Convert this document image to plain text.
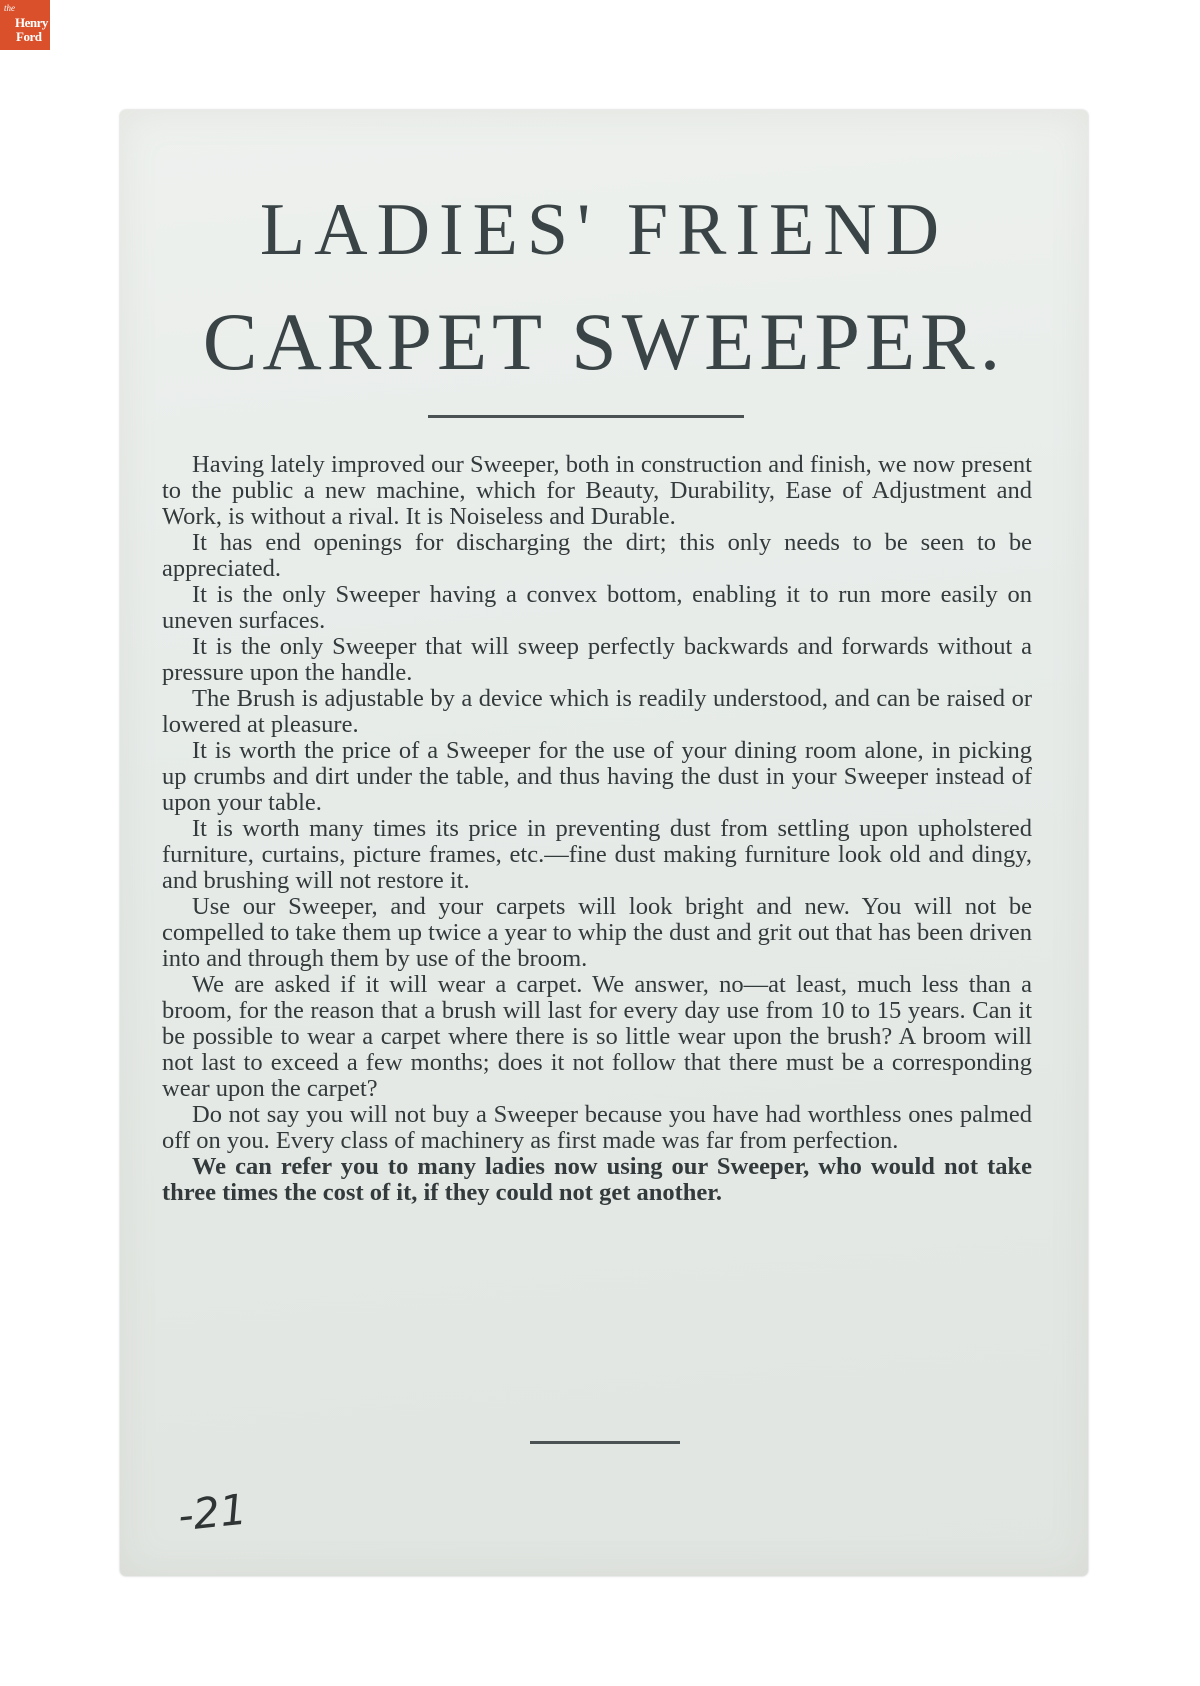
the
Henry
Ford

LADIES' FRIEND
CARPET SWEEPER.

Having lately improved our Sweeper, both in construction and finish, we now present to the public a new machine, which for Beauty, Durability, Ease of Adjustment and Work, is without a rival. It is Noiseless and Durable.

It has end openings for discharging the dirt; this only needs to be seen to be appreciated.

It is the only Sweeper having a convex bottom, enabling it to run more easily on uneven surfaces.

It is the only Sweeper that will sweep perfectly backwards and forwards without a pressure upon the handle.

The Brush is adjustable by a device which is readily understood, and can be raised or lowered at pleasure.

It is worth the price of a Sweeper for the use of your dining room alone, in picking up crumbs and dirt under the table, and thus having the dust in your Sweeper instead of upon your table.

It is worth many times its price in preventing dust from settling upon upholstered furniture, curtains, picture frames, etc.—fine dust making furniture look old and dingy, and brushing will not restore it.

Use our Sweeper, and your carpets will look bright and new. You will not be compelled to take them up twice a year to whip the dust and grit out that has been driven into and through them by use of the broom.

We are asked if it will wear a carpet. We answer, no—at least, much less than a broom, for the reason that a brush will last for every day use from 10 to 15 years. Can it be possible to wear a carpet where there is so little wear upon the brush? A broom will not last to exceed a few months; does it not follow that there must be a corresponding wear upon the carpet?

Do not say you will not buy a Sweeper because you have had worthless ones palmed off on you. Every class of machinery as first made was far from perfection.

We can refer you to many ladies now using our Sweeper, who would not take three times the cost of it, if they could not get another.

-21
